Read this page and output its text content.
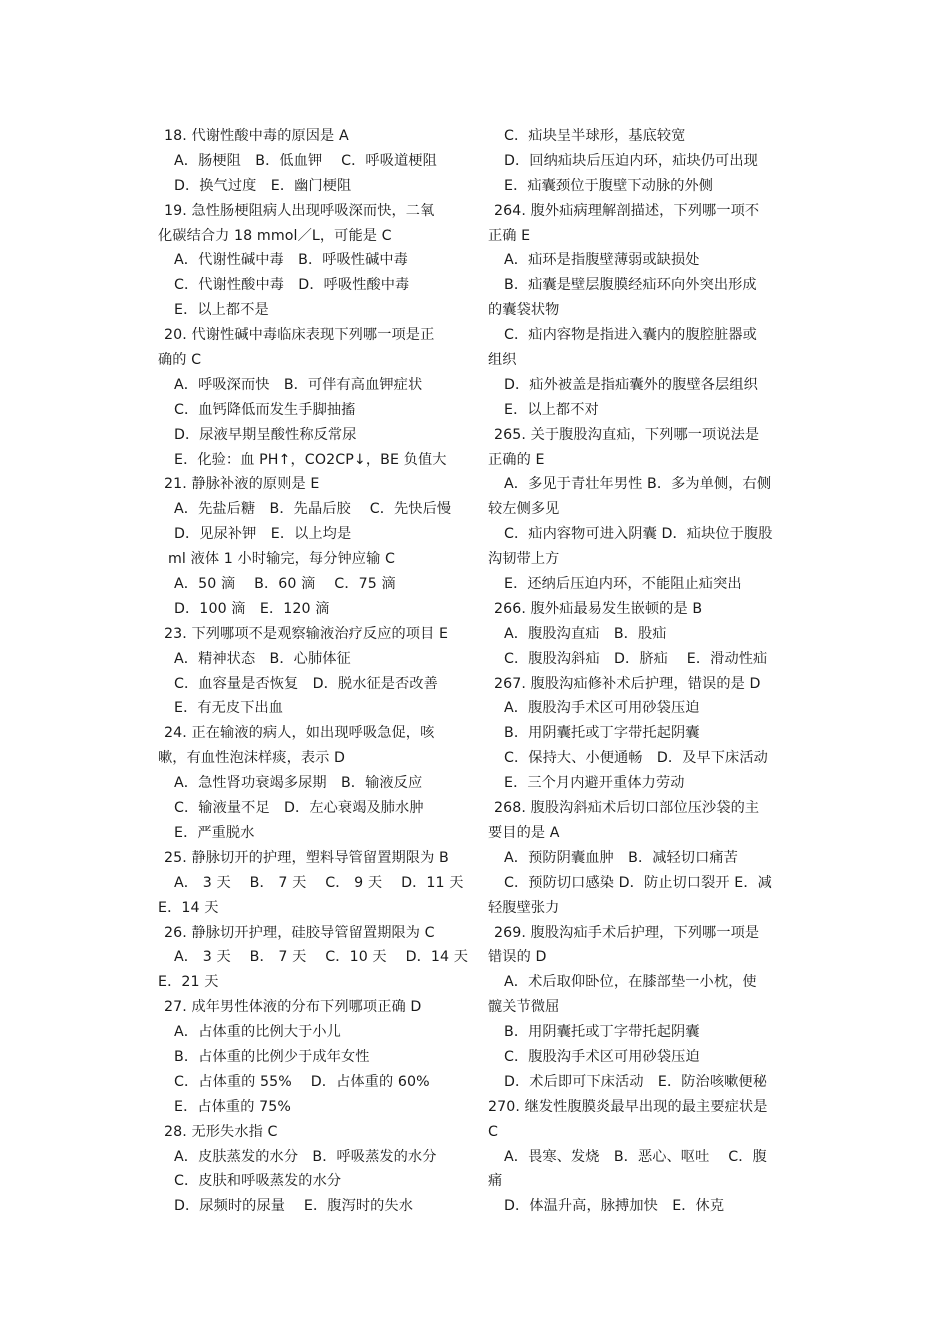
18. 代谢性酸中毒的原因是 A
A．肠梗阻　B．低血钾　 C．呼吸道梗阻
D．换气过度　E．幽门梗阻
19. 急性肠梗阻病人出现呼吸深而快，二氧
化碳结合力 18 mmol／L，可能是 C
A．代谢性碱中毒　B．呼吸性碱中毒
C．代谢性酸中毒　D．呼吸性酸中毒
E．以上都不是
20. 代谢性碱中毒临床表现下列哪一项是正
确的 C
A．呼吸深而快　B．可伴有高血钾症状
C．血钙降低而发生手脚抽搐
D．尿液早期呈酸性称反常尿
E．化验：血 PH↑，CO2CP↓，BE 负值大
21. 静脉补液的原则是 E
A．先盐后糖　B．先晶后胶　 C．先快后慢
D．见尿补钾　E．以上均是
ml 液体 1 小时输完，每分钟应输 C
A．50 滴　 B．60 滴　 C．75 滴
D．100 滴　E．120 滴
23. 下列哪项不是观察输液治疗反应的项目 E
A．精神状态　B．心肺体征
C．血容量是否恢复　D．脱水征是否改善
E．有无皮下出血
24. 正在输液的病人，如出现呼吸急促，咳
嗽，有血性泡沫样痰，表示 D
A．急性肾功衰竭多尿期　B．输液反应
C．输液量不足　D．左心衰竭及肺水肿
E．严重脱水
25. 静脉切开的护理，塑料导管留置期限为 B
A． 3 天　 B． 7 天　 C． 9 天　 D．11 天
E．14 天
26. 静脉切开护理，硅胶导管留置期限为 C
A． 3 天　 B． 7 天　 C．10 天　 D．14 天
E．21 天
27. 成年男性体液的分布下列哪项正确 D
A．占体重的比例大于小儿
B．占体重的比例少于成年女性
C．占体重的 55%　 D．占体重的 60%
E．占体重的 75%
28. 无形失水指 C
A．皮肤蒸发的水分　B．呼吸蒸发的水分
C．皮肤和呼吸蒸发的水分
D．尿频时的尿量　 E．腹泻时的失水
C．疝块呈半球形，基底较宽
D．回纳疝块后压迫内环，疝块仍可出现
E．疝囊颈位于腹壁下动脉的外侧
264. 腹外疝病理解剖描述，下列哪一项不
正确 E
A．疝环是指腹壁薄弱或缺损处
B．疝囊是壁层腹膜经疝环向外突出形成
的囊袋状物
C．疝内容物是指进入囊内的腹腔脏器或
组织
D．疝外被盖是指疝囊外的腹壁各层组织
E．以上都不对
265. 关于腹股沟直疝，下列哪一项说法是
正确的 E
A．多见于青壮年男性 B．多为单侧，右侧
较左侧多见
C．疝内容物可进入阴囊 D．疝块位于腹股
沟韧带上方
E．还纳后压迫内环，不能阻止疝突出
266. 腹外疝最易发生嵌顿的是 B
A．腹股沟直疝　B．股疝
C．腹股沟斜疝　D．脐疝　 E．滑动性疝
267. 腹股沟疝修补术后护理，错误的是 D
A．腹股沟手术区可用砂袋压迫
B．用阴囊托或丁字带托起阴囊
C．保持大、小便通畅　D．及早下床活动
E．三个月内避开重体力劳动
268. 腹股沟斜疝术后切口部位压沙袋的主
要目的是 A
A．预防阴囊血肿　B．减轻切口痛苦
C．预防切口感染 D．防止切口裂开 E．减
轻腹壁张力
269. 腹股沟疝手术后护理，下列哪一项是
错误的 D
A．术后取仰卧位，在膝部垫一小枕，使
髋关节微屈
B．用阴囊托或丁字带托起阴囊
C．腹股沟手术区可用砂袋压迫
D．术后即可下床活动　E．防治咳嗽便秘
270. 继发性腹膜炎最早出现的最主要症状是
C
A．畏寒、发烧　B．恶心、呕吐　 C．腹
痛
D．体温升高，脉搏加快　E．休克
